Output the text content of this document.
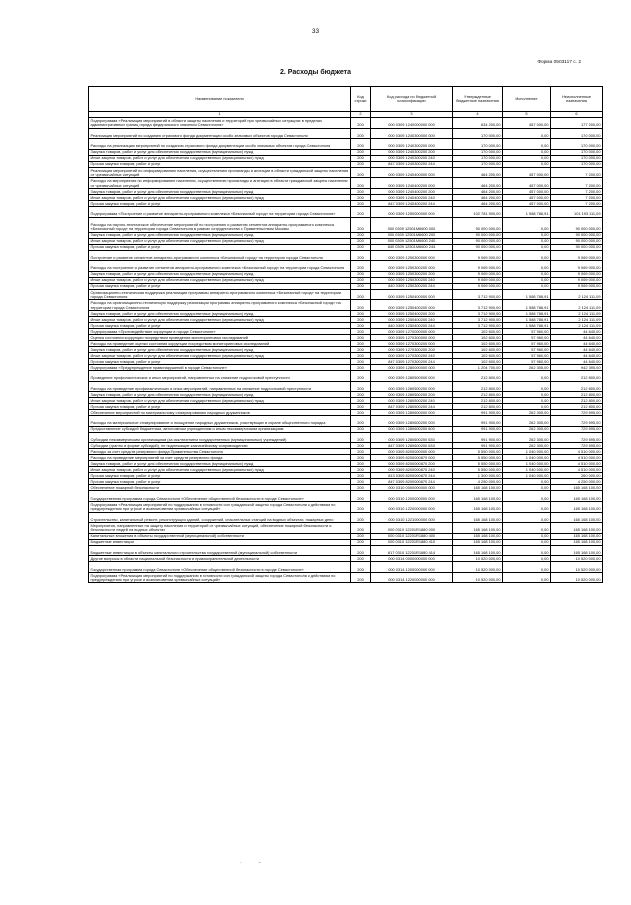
33
Форма 0503117 с. 2
2. Расходы бюджета
Наименование показателя	Код строки	Код расхода по бюджетной классификации	Утвержденные бюджетные назначения	Исполнение	Неисполненные назначения
1	2	3	4	5	6
Подпрограмма «Реализация мероприятий в области защиты населения и территорий при чрезвычайных ситуациях в пределах административных границ города федерального значения Севастополя»	200	000 0309 1240000000 000	634 200,00	457 000,00	177 200,00
Реализация мероприятий по созданию страхового фонда документации особо значимых объектов города Севастополя	200	000 0309 1240300000 000	170 000,00	0,00	170 000,00
Расходы на реализацию мероприятий по созданию страхового фонда документации особо значимых объектов города Севастополя	200	000 0309 1240300200 000	170 000,00	0,00	170 000,00
Закупка товаров, работ и услуг для обеспечения государственных (муниципальных) нужд	200	000 0309 1240300200 200	170 000,00	0,00	170 000,00
Иные закупки товаров, работ и услуг для обеспечения государственных (муниципальных) нужд	200	000 0309 1240300200 240	170 000,00	0,00	170 000,00
Прочая закупка товаров, работ и услуг	200	847 0309 1240300200 244	170 000,00	0,00	170 000,00
Реализация мероприятий по информированию населения, осуществлению пропаганды и агитации в области гражданской защиты населения от чрезвычайных ситуаций	200	000 0309 1240400000 000	464 200,00	457 000,00	7 200,00
Расходы на мероприятия по информированию населения, осуществлению пропаганды и агитации в области гражданской защиты населения от чрезвычайных ситуаций	200	000 0309 1240400200 000	464 200,00	457 000,00	7 200,00
Закупка товаров, работ и услуг для обеспечения государственных (муниципальных) нужд	200	000 0309 1240400200 200	464 200,00	457 000,00	7 200,00
Иные закупки товаров, работ и услуг для обеспечения государственных (муниципальных) нужд	200	000 0309 1240400200 240	464 200,00	457 000,00	7 200,00
Прочая закупка товаров, работ и услуг	200	847 0309 1240400200 244	464 200,00	457 000,00	7 200,00
Подпрограмма «Построение и развитие аппаратно-программного комплекса «Безопасный город» на территории города Севастополя»	200	000 0309 1250000000 000	102 781 900,00	1 588 788,91	101 193 111,09
Расходы на научно-техническое обеспечение мероприятий по построению и развитию сегментов аппаратно-программного комплекса «Безопасный город» на территории города Севастополя в рамках сотрудничества с Правительством Москвы	200	000 0309 12501М6600 000	90 000 000,00	0,00	90 000 000,00
Закупка товаров, работ и услуг для обеспечения государственных (муниципальных) нужд	200	000 0309 12501М6600 200	90 000 000,00	0,00	90 000 000,00
Иные закупки товаров, работ и услуг для обеспечения государственных (муниципальных) нужд	200	000 0309 12501М6600 240	90 000 000,00	0,00	90 000 000,00
Прочая закупка товаров, работ и услуг	200	840 0309 12501М6600 244	90 000 000,00	0,00	90 000 000,00
Построение и развитие сегментов аппаратно-программного комплекса «Безопасный город» на территории города Севастополя	200	000 0309 1250300000 000	9 069 000,00	0,00	9 069 000,00
Расходы на построение и развитие сегментов аппаратно-программного комплекса «Безопасный город» на территории города Севастополя	200	000 0309 1250300200 000	9 069 000,00	0,00	9 069 000,00
Закупка товаров, работ и услуг для обеспечения государственных (муниципальных) нужд	200	000 0309 1250300200 200	9 069 000,00	0,00	9 069 000,00
Иные закупки товаров, работ и услуг для обеспечения государственных (муниципальных) нужд	200	000 0309 1250300200 240	9 069 000,00	0,00	9 069 000,00
Прочая закупка товаров, работ и услуг	200	840 0309 1250300200 244	9 069 000,00	0,00	9 069 000,00
Организационно-техническая поддержка реализации программы аппаратно-программного комплекса «Безопасный город» на территории города Севастополя	200	000 0309 1250400000 000	3 712 900,00	1 588 788,91	2 124 111,09
Расходы на организационно-техническую поддержку реализации программы аппаратно-программного комплекса «Безопасный город» на территории города Севастополя	200	000 0309 1250400200 000	3 712 900,00	1 588 788,91	2 124 111,09
Закупка товаров, работ и услуг для обеспечения государственных (муниципальных) нужд	200	000 0309 1250400200 200	3 712 900,00	1 588 788,91	2 124 111,09
Иные закупки товаров, работ и услуг для обеспечения государственных (муниципальных) нужд	200	000 0309 1250400200 240	3 712 900,00	1 588 788,91	2 124 111,09
Прочая закупка товаров, работ и услуг	200	840 0309 1250400200 244	3 712 900,00	1 588 788,91	2 124 111,09
Подпрограмма «Противодействие коррупции в городе Севастополе»	200	000 0309 1270000000 000	102 600,00	57 960,00	44 640,00
Оценка состояния коррупции посредством проведения мониторинговых исследований	200	000 0309 1270300000 000	102 600,00	57 960,00	44 640,00
Расходы на проведение оценки состояния коррупции посредством мониторинговых исследований	200	000 0309 1270300200 000	102 600,00	57 960,00	44 640,00
Закупка товаров, работ и услуг для обеспечения государственных (муниципальных) нужд	200	000 0309 1270300200 200	102 600,00	57 960,00	44 640,00
Иные закупки товаров, работ и услуг для обеспечения государственных (муниципальных) нужд	200	000 0309 1270300200 240	102 600,00	57 960,00	44 640,00
Прочая закупка товаров, работ и услуг	200	847 0309 1270300200 244	102 600,00	57 960,00	44 640,00
Подпрограмма «Предупреждение правонарушений в городе Севастополе»	200	000 0309 1280000000 000	1 204 700,00	262 305,00	942 395,00
Проведение профилактических и иных мероприятий, направленных на снижение подростковой преступности	200	000 0309 1280500000 000	212 800,00	0,00	212 800,00
Расходы на проведение профилактических и иных мероприятий, направленных на снижение подростковой преступности	200	000 0309 1280500200 000	212 800,00	0,00	212 800,00
Закупка товаров, работ и услуг для обеспечения государственных (муниципальных) нужд	200	000 0309 1280500200 200	212 800,00	0,00	212 800,00
Иные закупки товаров, работ и услуг для обеспечения государственных (муниципальных) нужд	200	000 0309 1280500200 240	212 800,00	0,00	212 800,00
Прочая закупка товаров, работ и услуг	200	847 0309 1280500200 244	212 800,00	0,00	212 800,00
Обеспечение мероприятий по материальному стимулированию народных дружинников	200	000 0309 1280600000 000	991 900,00	262 305,00	729 595,00
Расходы на материальное стимулирование и поощрение народных дружинников, участвующих в охране общественного порядка	200	000 0309 1280600200 000	991 900,00	262 305,00	729 595,00
Предоставление субсидий бюджетным, автономным учреждениям и иным некоммерческим организациям	200	000 0309 1280600200 600	991 900,00	262 305,00	729 595,00
Субсидии некоммерческим организациям (за исключением государственных (муниципальных) учреждений)	200	000 0309 1280600200 630	991 900,00	262 305,00	729 595,00
Субсидии (гранты в форме субсидий), не подлежащие казначейскому сопровождению	200	847 0309 1280600200 633	991 900,00	262 305,00	729 595,00
Расходы за счет средств резервного фонда Правительства Севастополя	200	000 0309 8200000000 000	5 550 000,00	1 040 000,00	4 510 000,00
Расходы на проведение мероприятий за счет средств резервного фонда	200	000 0309 8200000870 000	5 550 000,00	1 040 000,00	4 510 000,00
Закупка товаров, работ и услуг для обеспечения государственных (муниципальных) нужд	200	000 0309 8200000870 200	5 550 000,00	1 040 000,00	4 510 000,00
Иные закупки товаров, работ и услуг для обеспечения государственных (муниципальных) нужд	200	000 0309 8200000870 240	5 550 000,00	1 040 000,00	4 510 000,00
Прочая закупка товаров, работ и услуг	200	813 0309 8200000870 244	1 300 000,00	1 040 000,00	260 000,00
Прочая закупка товаров, работ и услуг	200	847 0309 8200000870 244	4 250 000,00	0,00	4 250 000,00
Обеспечение пожарной безопасности	200	000 0310 0000000000 000	165 168 100,00	0,00	165 168 100,00
Государственная программа города Севастополя «Обеспечение общественной безопасности в городе Севастополе»	200	000 0310 1200000000 000	165 168 100,00	0,00	165 168 100,00
Подпрограмма «Реализация мероприятий по поддержанию в готовности сил гражданской защиты города Севастополя к действиям по предупреждению при угрозе и возникновении чрезвычайных ситуаций»	200	000 0310 1220000000 000	165 168 100,00	0,00	165 168 100,00
Строительство, капитальный ремонт, реконструкция зданий, сооружений, спасательных станций на водных объектах, пожарных депо	200	000 0310 1221000000 000	165 168 100,00	0,00	165 168 100,00
Мероприятия, направленные на защиту населения и территорий от чрезвычайных ситуаций, обеспечение пожарной безопасности и безопасности людей на водных объектах	200	000 0310 12201R1880 000	165 168 100,00	0,00	165 168 100,00
Капитальные вложения в объекты государственной (муниципальной) собственности	200	000 0310 12201R1880 400	165 168 100,00	0,00	165 168 100,00
Бюджетные инвестиции	200	000 0310 12201R1880 410	165 168 100,00	0,00	165 168 100,00
Бюджетные инвестиции в объекты капитального строительства государственной (муниципальной) собственности	200	817 0310 12201R1880 414	165 168 100,00	0,00	165 168 100,00
Другие вопросы в области национальной безопасности и правоохранительной деятельности	200	000 0314 0000000000 000	10 520 000,00	0,00	10 520 000,00
Государственная программа города Севастополя «Обеспечение общественной безопасности в городе Севастополе»	200	000 0314 1200000000 000	10 520 000,00	0,00	10 520 000,00
Подпрограмма «Реализация мероприятий по поддержанию в готовности сил гражданской защиты города Севастополя к действиям по предупреждению при угрозе и возникновении чрезвычайных ситуаций»	200	000 0314 1220000000 000	10 520 000,00	0,00	10 520 000,00
·          -
